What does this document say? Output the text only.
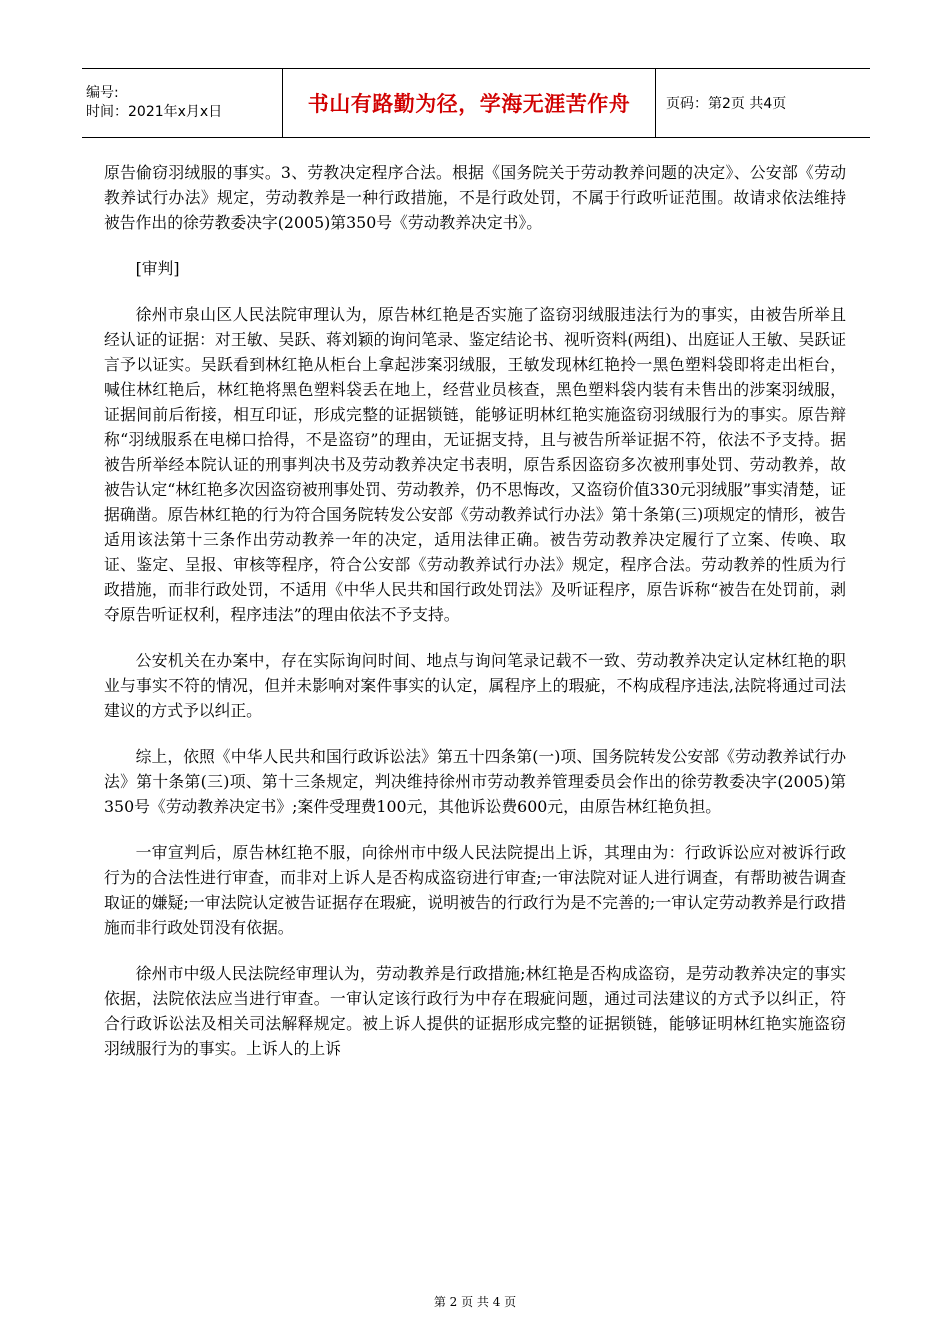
编号:
时间：2021年x月x日	书山有路勤为径，学海无涯苦作舟	页码：第2页 共4页

原告偷窃羽绒服的事实。3、劳教决定程序合法。根据《国务院关于劳动教养问题的决定》、公安部《劳动教养试行办法》规定，劳动教养是一种行政措施，不是行政处罚，不属于行政听证范围。故请求依法维持被告作出的徐劳教委决字(2005)第350号《劳动教养决定书》。

[审判]

徐州市泉山区人民法院审理认为，原告林红艳是否实施了盗窃羽绒服违法行为的事实，由被告所举且经认证的证据：对王敏、吴跃、蒋刘颖的询问笔录、鉴定结论书、视听资料(两组)、出庭证人王敏、吴跃证言予以证实。吴跃看到林红艳从柜台上拿起涉案羽绒服，王敏发现林红艳拎一黑色塑料袋即将走出柜台，喊住林红艳后，林红艳将黑色塑料袋丢在地上，经营业员核查，黑色塑料袋内装有未售出的涉案羽绒服，证据间前后衔接，相互印证，形成完整的证据锁链，能够证明林红艳实施盗窃羽绒服行为的事实。原告辩称“羽绒服系在电梯口拾得，不是盗窃”的理由，无证据支持，且与被告所举证据不符，依法不予支持。据被告所举经本院认证的刑事判决书及劳动教养决定书表明，原告系因盗窃多次被刑事处罚、劳动教养，故被告认定“林红艳多次因盗窃被刑事处罚、劳动教养，仍不思悔改，又盗窃价值330元羽绒服”事实清楚，证据确凿。原告林红艳的行为符合国务院转发公安部《劳动教养试行办法》第十条第(三)项规定的情形，被告适用该法第十三条作出劳动教养一年的决定，适用法律正确。被告劳动教养决定履行了立案、传唤、取证、鉴定、呈报、审核等程序，符合公安部《劳动教养试行办法》规定，程序合法。劳动教养的性质为行政措施，而非行政处罚，不适用《中华人民共和国行政处罚法》及听证程序，原告诉称“被告在处罚前，剥夺原告听证权利，程序违法”的理由依法不予支持。

公安机关在办案中，存在实际询问时间、地点与询问笔录记载不一致、劳动教养决定认定林红艳的职业与事实不符的情况，但并未影响对案件事实的认定，属程序上的瑕疵，不构成程序违法,法院将通过司法建议的方式予以纠正。

综上，依照《中华人民共和国行政诉讼法》第五十四条第(一)项、国务院转发公安部《劳动教养试行办法》第十条第(三)项、第十三条规定，判决维持徐州市劳动教养管理委员会作出的徐劳教委决字(2005)第350号《劳动教养决定书》;案件受理费100元，其他诉讼费600元，由原告林红艳负担。

一审宣判后，原告林红艳不服，向徐州市中级人民法院提出上诉，其理由为：行政诉讼应对被诉行政行为的合法性进行审查，而非对上诉人是否构成盗窃进行审查;一审法院对证人进行调查，有帮助被告调查取证的嫌疑;一审法院认定被告证据存在瑕疵，说明被告的行政行为是不完善的;一审认定劳动教养是行政措施而非行政处罚没有依据。

徐州市中级人民法院经审理认为，劳动教养是行政措施;林红艳是否构成盗窃，是劳动教养决定的事实依据，法院依法应当进行审查。一审认定该行政行为中存在瑕疵问题，通过司法建议的方式予以纠正，符合行政诉讼法及相关司法解释规定。被上诉人提供的证据形成完整的证据锁链，能够证明林红艳实施盗窃羽绒服行为的事实。上诉人的上诉

第 2 页 共 4 页
